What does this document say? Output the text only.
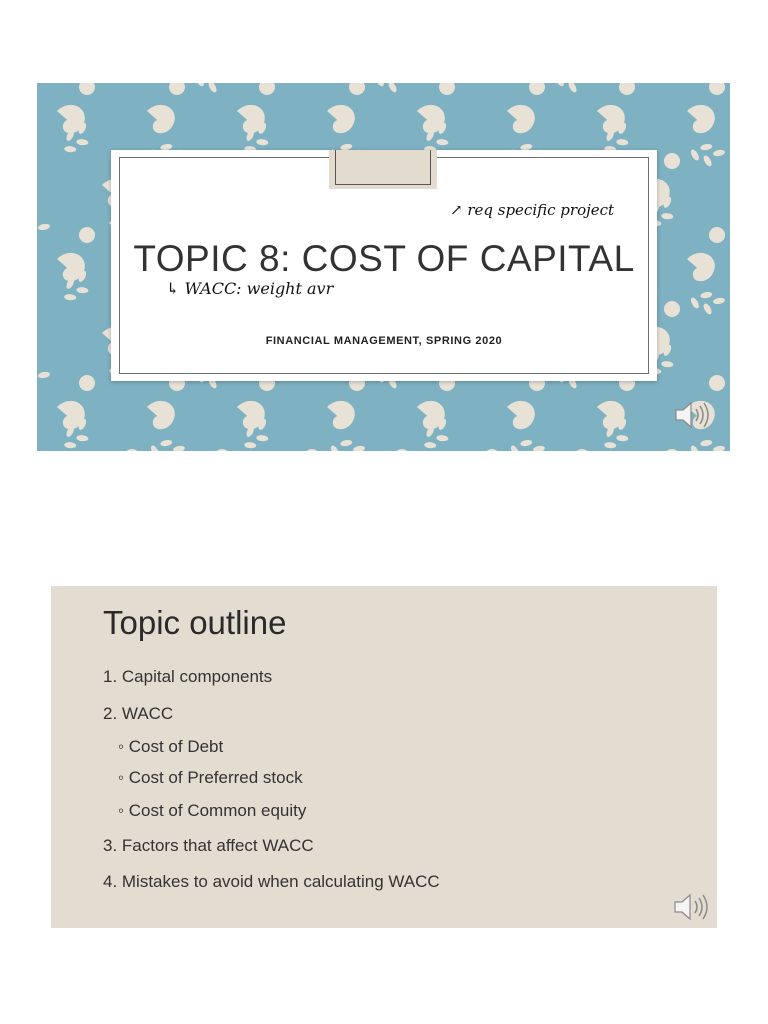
TOPIC 8: COST OF CAPITAL
FINANCIAL MANAGEMENT, SPRING 2020
↗ req specific project
↳ WACC: weight avr
Topic outline
1. Capital components
2. WACC
◦ Cost of Debt
◦ Cost of Preferred stock
◦ Cost of Common equity
3. Factors that affect WACC
4. Mistakes to avoid when calculating WACC
